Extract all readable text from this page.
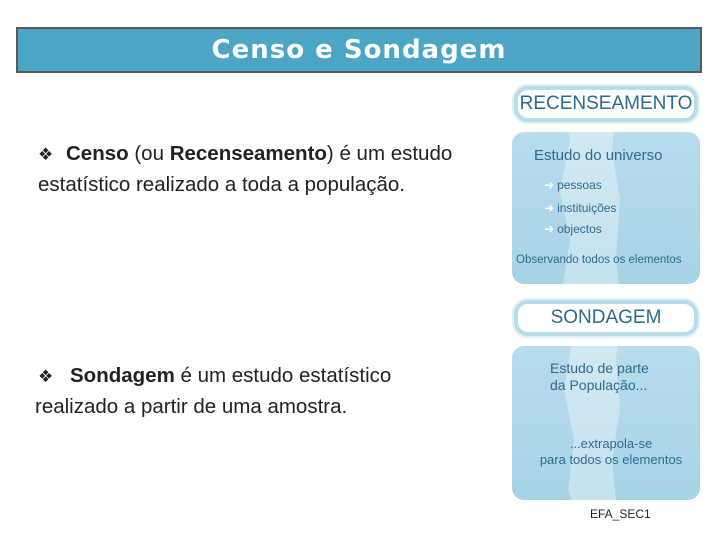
Censo e Sondagem
❖ Censo (ou Recenseamento) é um estudo estatístico realizado a toda a população.
❖ Sondagem é um estudo estatístico realizado a partir de uma amostra.
RECENSEAMENTO
SONDAGEM
Estudo do universo
➜ pessoas
➜ instituições
➜ objectos
Observando todos os elementos
Estudo de parte
da População...
...extrapola-se
para todos os elementos
EFA_SEC1
